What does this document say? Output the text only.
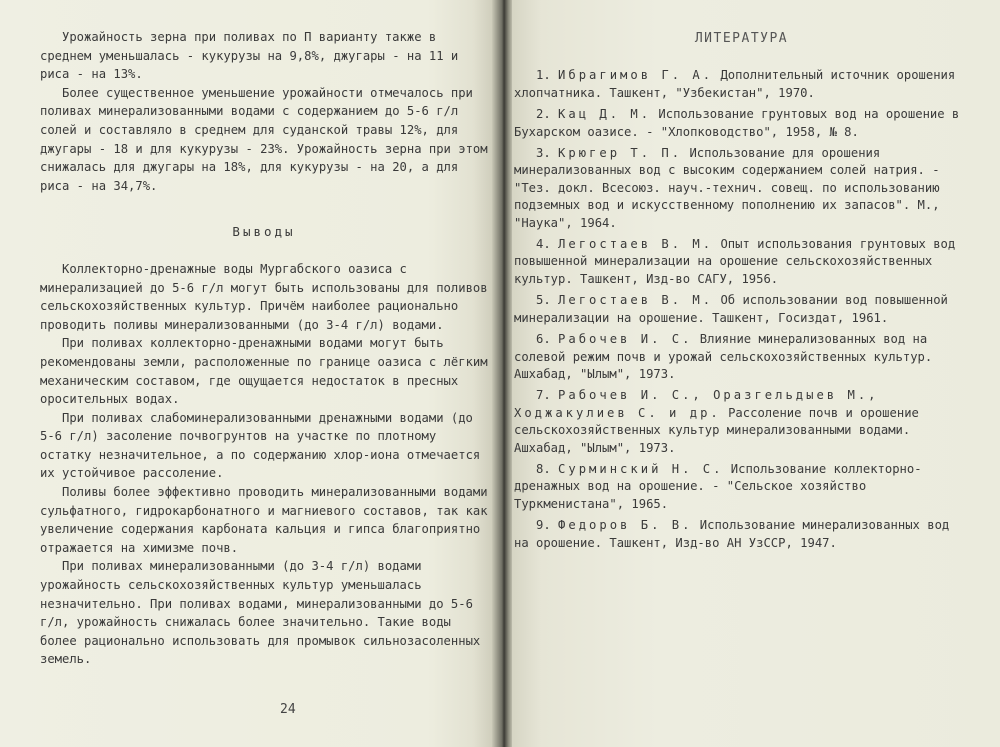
Урожайность зерна при поливах по П варианту также в среднем уменьшалась - кукурузы на 9,8%, джугары - на 11 и риса - на 13%.

Более существенное уменьшение урожайности отмечалось при поливах минерализованными водами с содержанием до 5-6 г/л солей и составляло в среднем для суданской травы 12%, для джугары - 18 и для кукурузы - 23%. Урожайность зерна при этом снижалась для джугары на 18%, для кукурузы - на 20, а для риса - на 34,7%.

Выводы

Коллекторно-дренажные воды Мургабского оазиса с минерализацией до 5-6 г/л могут быть использованы для поливов сельскохозяйственных культур. Причём наиболее рационально проводить поливы минерализованными (до 3-4 г/л) водами.

При поливах коллекторно-дренажными водами могут быть рекомендованы земли, расположенные по границе оазиса с лёгким механическим составом, где ощущается недостаток в пресных оросительных водах.

При поливах слабоминерализованными дренажными водами (до 5-6 г/л) засоление почвогрунтов на участке по плотному остатку незначительное, а по содержанию хлор-иона отмечается их устойчивое рассоление.

Поливы более эффективно проводить минерализованными водами сульфатного, гидрокарбонатного и магниевого составов, так как увеличение содержания карбоната кальция и гипса благоприятно отражается на химизме почв.

При поливах минерализованными (до 3-4 г/л) водами урожайность сельскохозяйственных культур уменьшалась незначительно. При поливах водами, минерализованными до 5-6 г/л, урожайность снижалась более значительно. Такие воды более рационально использовать для промывок сильнозасоленных земель.

24

ЛИТЕРАТУРА

1. Ибрагимов Г. А. Дополнительный источник орошения хлопчатника. Ташкент, "Узбекистан", 1970.

2. Кац Д. М. Использование грунтовых вод на орошение в Бухарском оазисе. - "Хлопководство", 1958, № 8.

3. Крюгер Т. П. Использование для орошения минерализованных вод с высоким содержанием солей натрия. - "Тез. докл. Всесоюз. науч.-технич. совещ. по использованию подземных вод и искусственному пополнению их запасов". М., "Наука", 1964.

4. Легостаев В. М. Опыт использования грунтовых вод повышенной минерализации на орошение сельскохозяйственных культур. Ташкент, Изд-во САГУ, 1956.

5. Легостаев В. М. Об использовании вод повышенной минерализации на орошение. Ташкент, Госиздат, 1961.

6. Рабочев И. С. Влияние минерализованных вод на солевой режим почв и урожай сельскохозяйственных культур. Ашхабад, "Ылым", 1973.

7. Рабочев И. С., Оразгельдыев М., Ходжакулиев С. и др. Рассоление почв и орошение сельскохозяйственных культур минерализованными водами. Ашхабад, "Ылым", 1973.

8. Сурминский Н. С. Использование коллекторно-дренажных вод на орошение. - "Сельское хозяйство Туркменистана", 1965.

9. Федоров Б. В. Использование минерализованных вод на орошение. Ташкент, Изд-во АН УзССР, 1947.
